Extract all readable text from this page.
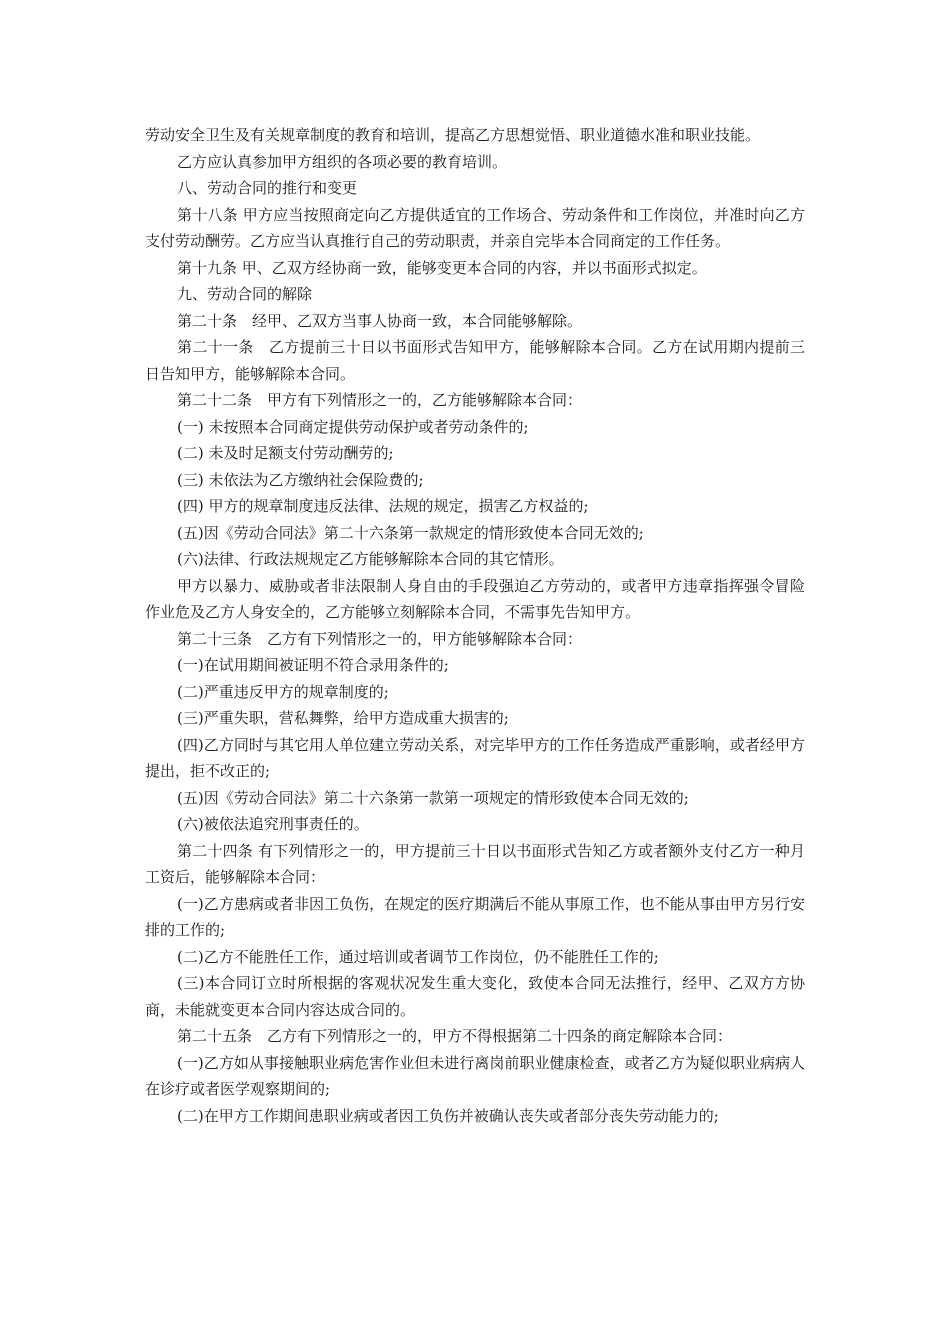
劳动安全卫生及有关规章制度的教育和培训，提高乙方思想觉悟、职业道德水准和职业技能。

乙方应认真参加甲方组织的各项必要的教育培训。

八、劳动合同的推行和变更

第十八条 甲方应当按照商定向乙方提供适宜的工作场合、劳动条件和工作岗位，并准时向乙方支付劳动酬劳。乙方应当认真推行自己的劳动职责，并亲自完毕本合同商定的工作任务。

第十九条 甲、乙双方经协商一致，能够变更本合同的内容，并以书面形式拟定。

九、劳动合同的解除

第二十条　经甲、乙双方当事人协商一致，本合同能够解除。

第二十一条　乙方提前三十日以书面形式告知甲方，能够解除本合同。乙方在试用期内提前三日告知甲方，能够解除本合同。

第二十二条　甲方有下列情形之一的，乙方能够解除本合同：

(一) 未按照本合同商定提供劳动保护或者劳动条件的;

(二) 未及时足额支付劳动酬劳的;

(三) 未依法为乙方缴纳社会保险费的;

(四) 甲方的规章制度违反法律、法规的规定，损害乙方权益的;

(五)因《劳动合同法》第二十六条第一款规定的情形致使本合同无效的;

(六)法律、行政法规规定乙方能够解除本合同的其它情形。

甲方以暴力、威胁或者非法限制人身自由的手段强迫乙方劳动的，或者甲方违章指挥强令冒险作业危及乙方人身安全的，乙方能够立刻解除本合同，不需事先告知甲方。

第二十三条　乙方有下列情形之一的，甲方能够解除本合同：

(一)在试用期间被证明不符合录用条件的;

(二)严重违反甲方的规章制度的;

(三)严重失职，营私舞弊，给甲方造成重大损害的;

(四)乙方同时与其它用人单位建立劳动关系，对完毕甲方的工作任务造成严重影响，或者经甲方提出，拒不改正的;

(五)因《劳动合同法》第二十六条第一款第一项规定的情形致使本合同无效的;

(六)被依法追究刑事责任的。

第二十四条 有下列情形之一的，甲方提前三十日以书面形式告知乙方或者额外支付乙方一种月工资后，能够解除本合同：

(一)乙方患病或者非因工负伤，在规定的医疗期满后不能从事原工作，也不能从事由甲方另行安排的工作的;

(二)乙方不能胜任工作，通过培训或者调节工作岗位，仍不能胜任工作的;

(三)本合同订立时所根据的客观状况发生重大变化，致使本合同无法推行，经甲、乙双方方协商，未能就变更本合同内容达成合同的。

第二十五条　乙方有下列情形之一的，甲方不得根据第二十四条的商定解除本合同：

(一)乙方如从事接触职业病危害作业但未进行离岗前职业健康检查，或者乙方为疑似职业病病人在诊疗或者医学观察期间的;

(二)在甲方工作期间患职业病或者因工负伤并被确认丧失或者部分丧失劳动能力的;
